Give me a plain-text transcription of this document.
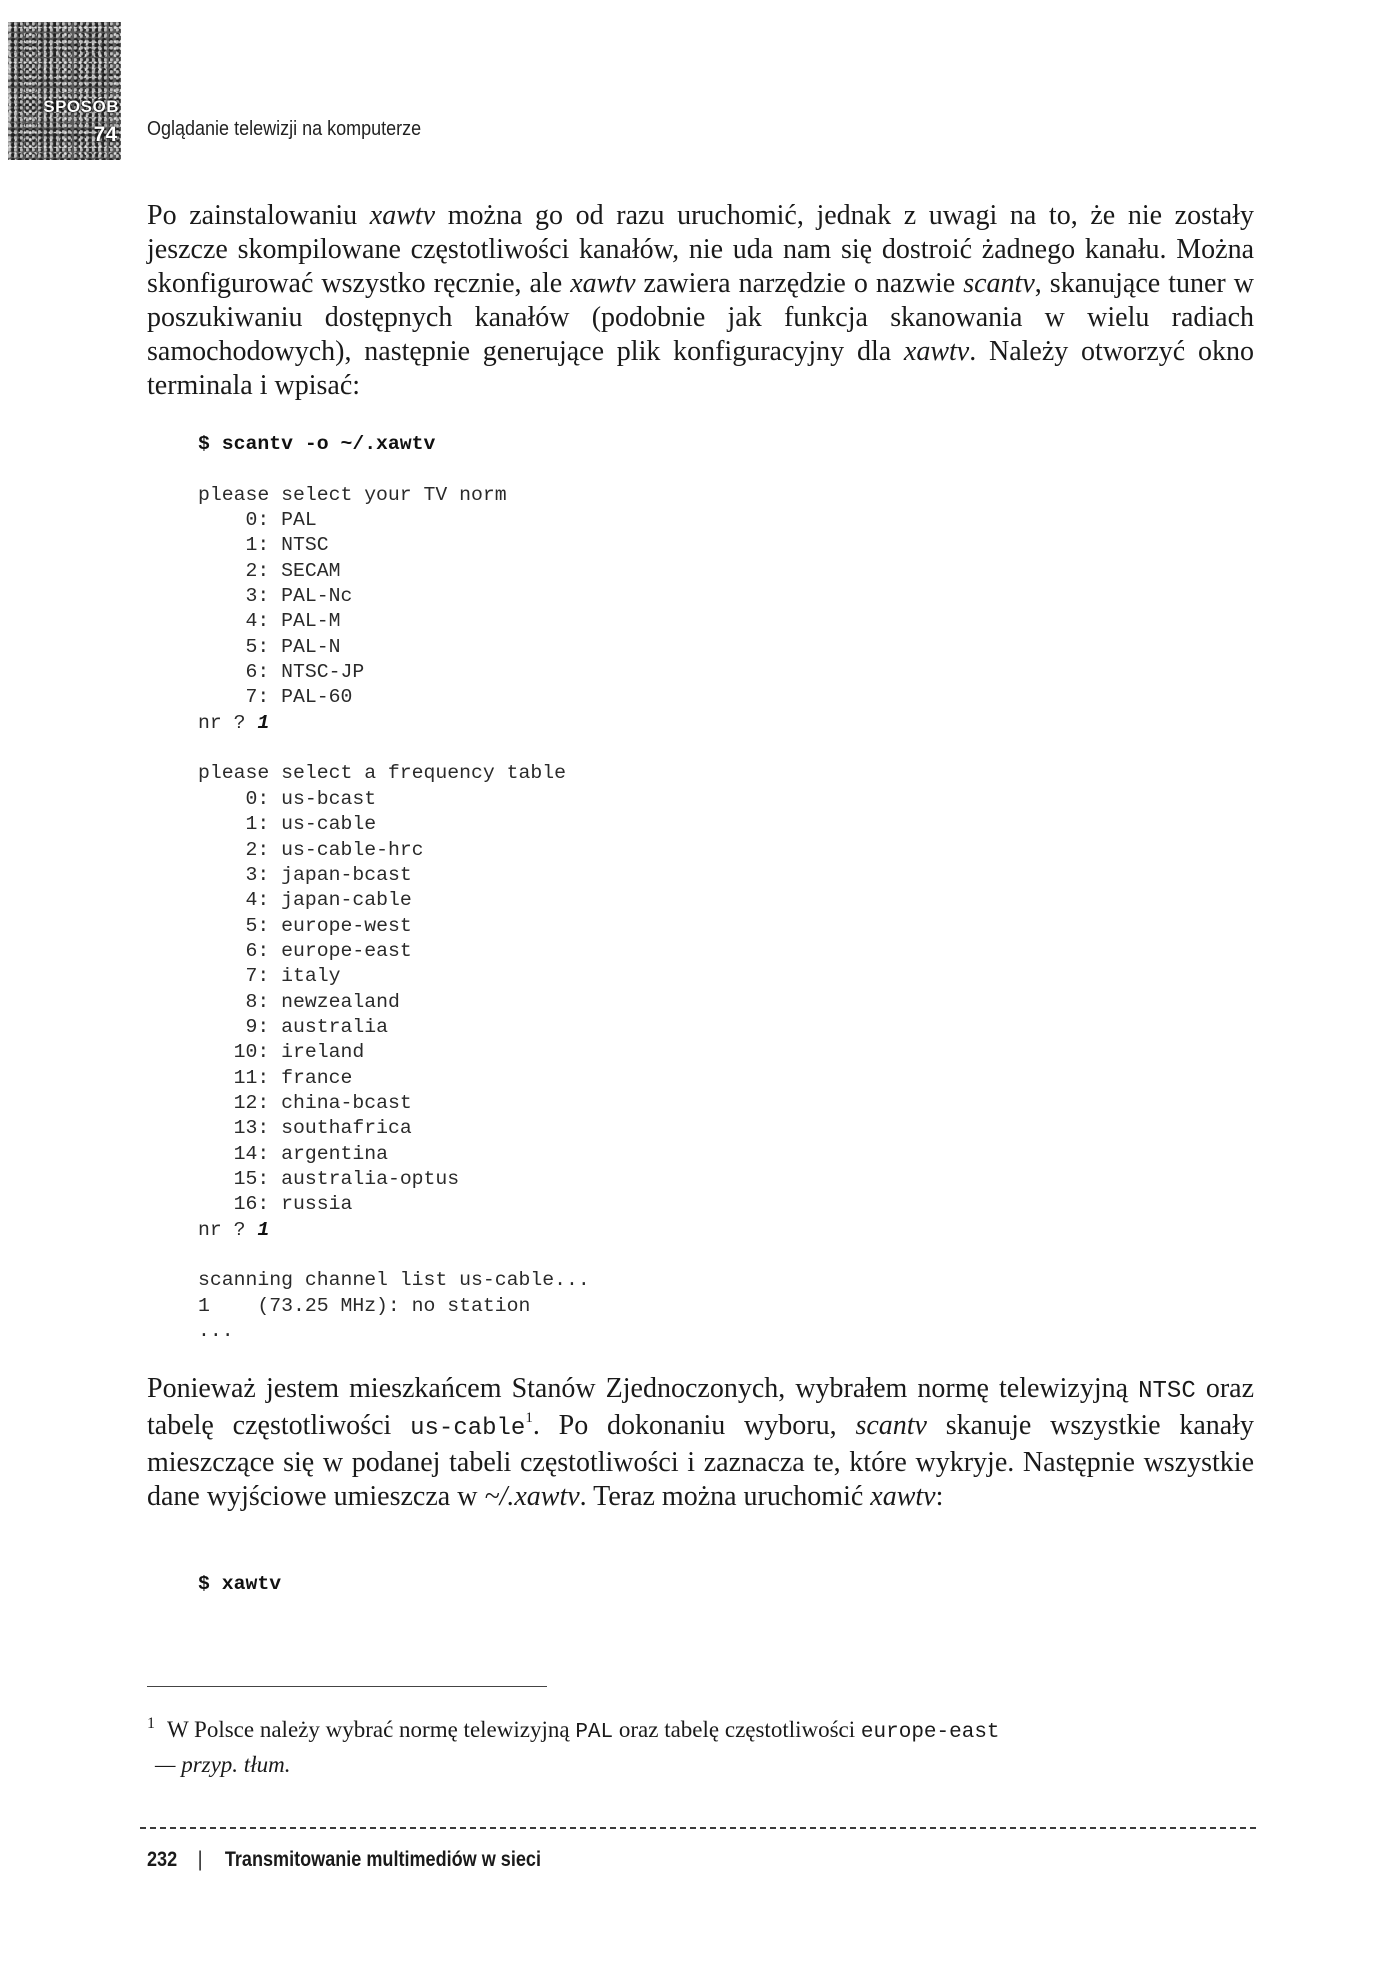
SPOSÓB
74 Oglądanie telewizji na komputerze

Po zainstalowaniu xawtv można go od razu uruchomić, jednak z uwagi na to, że nie zostały jeszcze skompilowane częstotliwości kanałów, nie uda nam się dostroić żadnego kanału. Można skonfigurować wszystko ręcznie, ale xawtv zawiera narzędzie o nazwie scantv, skanujące tuner w poszukiwaniu dostępnych kanałów (podobnie jak funkcja skanowania w wielu radiach samochodowych), następnie generujące plik konfiguracyjny dla xawtv. Należy otworzyć okno terminala i wpisać:

$ scantv -o ~/.xawtv

please select your TV norm
0: PAL
1: NTSC
2: SECAM
3: PAL-Nc
4: PAL-M
5: PAL-N
6: NTSC-JP
7: PAL-60
nr ? 1

please select a frequency table
0: us-bcast
1: us-cable
2: us-cable-hrc
3: japan-bcast
4: japan-cable
5: europe-west
6: europe-east
7: italy
8: newzealand
9: australia
10: ireland
11: france
12: china-bcast
13: southafrica
14: argentina
15: australia-optus
16: russia
nr ? 1

scanning channel list us-cable...
1    (73.25 MHz): no station
...

Ponieważ jestem mieszkańcem Stanów Zjednoczonych, wybrałem normę telewizyjną NTSC oraz tabelę częstotliwości us-cable$^1$. Po dokonaniu wyboru, scantv skanuje wszystkie kanały mieszczące się w podanej tabeli częstotliwości i zaznacza te, które wykryje. Następnie wszystkie dane wyjściowe umieszcza w ~/.xawtv. Teraz można uruchomić xawtv:

$ xawtv
1 W Polsce należy wybrać normę telewizyjną PAL oraz tabelę częstotliwości europe-east
— przyp. tłum.
232 | Transmitowanie multimediów w sieci
